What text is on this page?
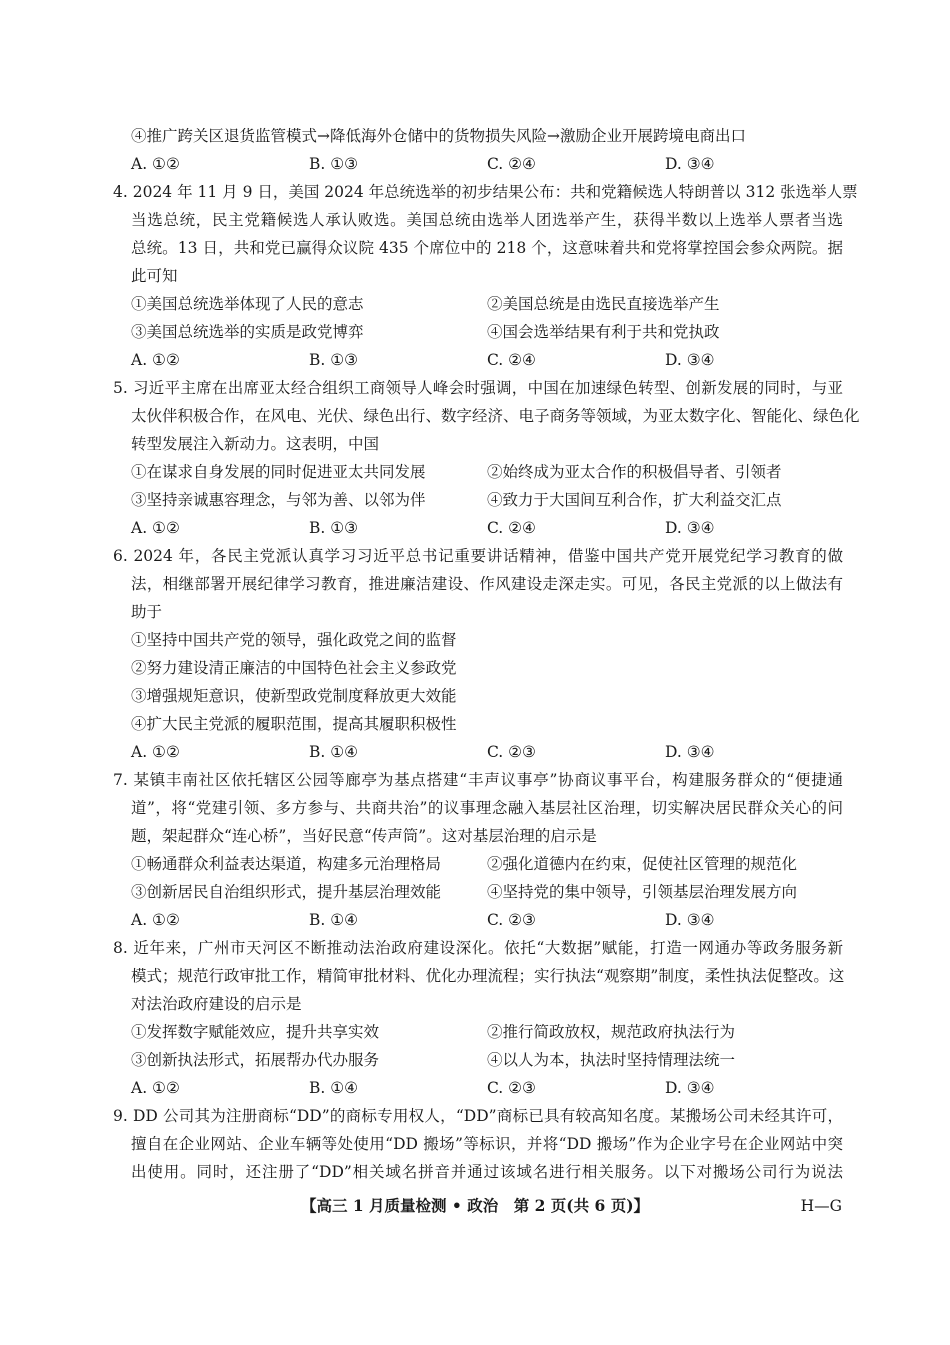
④推广跨关区退货监管模式→降低海外仓储中的货物损失风险→激励企业开展跨境电商出口
A. ①②	B. ①③	C. ②④	D. ③④
4. 2024 年 11 月 9 日，美国 2024 年总统选举的初步结果公布：共和党籍候选人特朗普以 312 张选举人票
当选总统，民主党籍候选人承认败选。美国总统由选举人团选举产生，获得半数以上选举人票者当选
总统。13 日，共和党已赢得众议院 435 个席位中的 218 个，这意味着共和党将掌控国会参众两院。据
此可知
①美国总统选举体现了人民的意志	②美国总统是由选民直接选举产生
③美国总统选举的实质是政党博弈	④国会选举结果有利于共和党执政
A. ①②	B. ①③	C. ②④	D. ③④
5. 习近平主席在出席亚太经合组织工商领导人峰会时强调，中国在加速绿色转型、创新发展的同时，与亚
太伙伴积极合作，在风电、光伏、绿色出行、数字经济、电子商务等领域，为亚太数字化、智能化、绿色化
转型发展注入新动力。这表明，中国
①在谋求自身发展的同时促进亚太共同发展	②始终成为亚太合作的积极倡导者、引领者
③坚持亲诚惠容理念，与邻为善、以邻为伴	④致力于大国间互利合作，扩大利益交汇点
A. ①②	B. ①③	C. ②④	D. ③④
6. 2024 年，各民主党派认真学习习近平总书记重要讲话精神，借鉴中国共产党开展党纪学习教育的做
法，相继部署开展纪律学习教育，推进廉洁建设、作风建设走深走实。可见，各民主党派的以上做法有
助于
①坚持中国共产党的领导，强化政党之间的监督
②努力建设清正廉洁的中国特色社会主义参政党
③增强规矩意识，使新型政党制度释放更大效能
④扩大民主党派的履职范围，提高其履职积极性
A. ①②	B. ①④	C. ②③	D. ③④
7. 某镇丰南社区依托辖区公园等廊亭为基点搭建“丰声议事亭”协商议事平台，构建服务群众的“便捷通
道”，将“党建引领、多方参与、共商共治”的议事理念融入基层社区治理，切实解决居民群众关心的问
题，架起群众“连心桥”，当好民意“传声筒”。这对基层治理的启示是
①畅通群众利益表达渠道，构建多元治理格局	②强化道德内在约束，促使社区管理的规范化
③创新居民自治组织形式，提升基层治理效能	④坚持党的集中领导，引领基层治理发展方向
A. ①②	B. ①④	C. ②③	D. ③④
8. 近年来，广州市天河区不断推动法治政府建设深化。依托“大数据”赋能，打造一网通办等政务服务新
模式；规范行政审批工作，精简审批材料、优化办理流程；实行执法“观察期”制度，柔性执法促整改。这
对法治政府建设的启示是
①发挥数字赋能效应，提升共享实效	②推行简政放权，规范政府执法行为
③创新执法形式，拓展帮办代办服务	④以人为本，执法时坚持情理法统一
A. ①②	B. ①④	C. ②③	D. ③④
9. DD 公司其为注册商标“DD”的商标专用权人，“DD”商标已具有较高知名度。某搬场公司未经其许可，
擅自在企业网站、企业车辆等处使用“DD 搬场”等标识，并将“DD 搬场”作为企业字号在企业网站中突
出使用。同时，还注册了“DD”相关域名拼音并通过该域名进行相关服务。以下对搬场公司行为说法
【高三 1 月质量检测 • 政治　第 2 页(共 6 页)】	H—G
